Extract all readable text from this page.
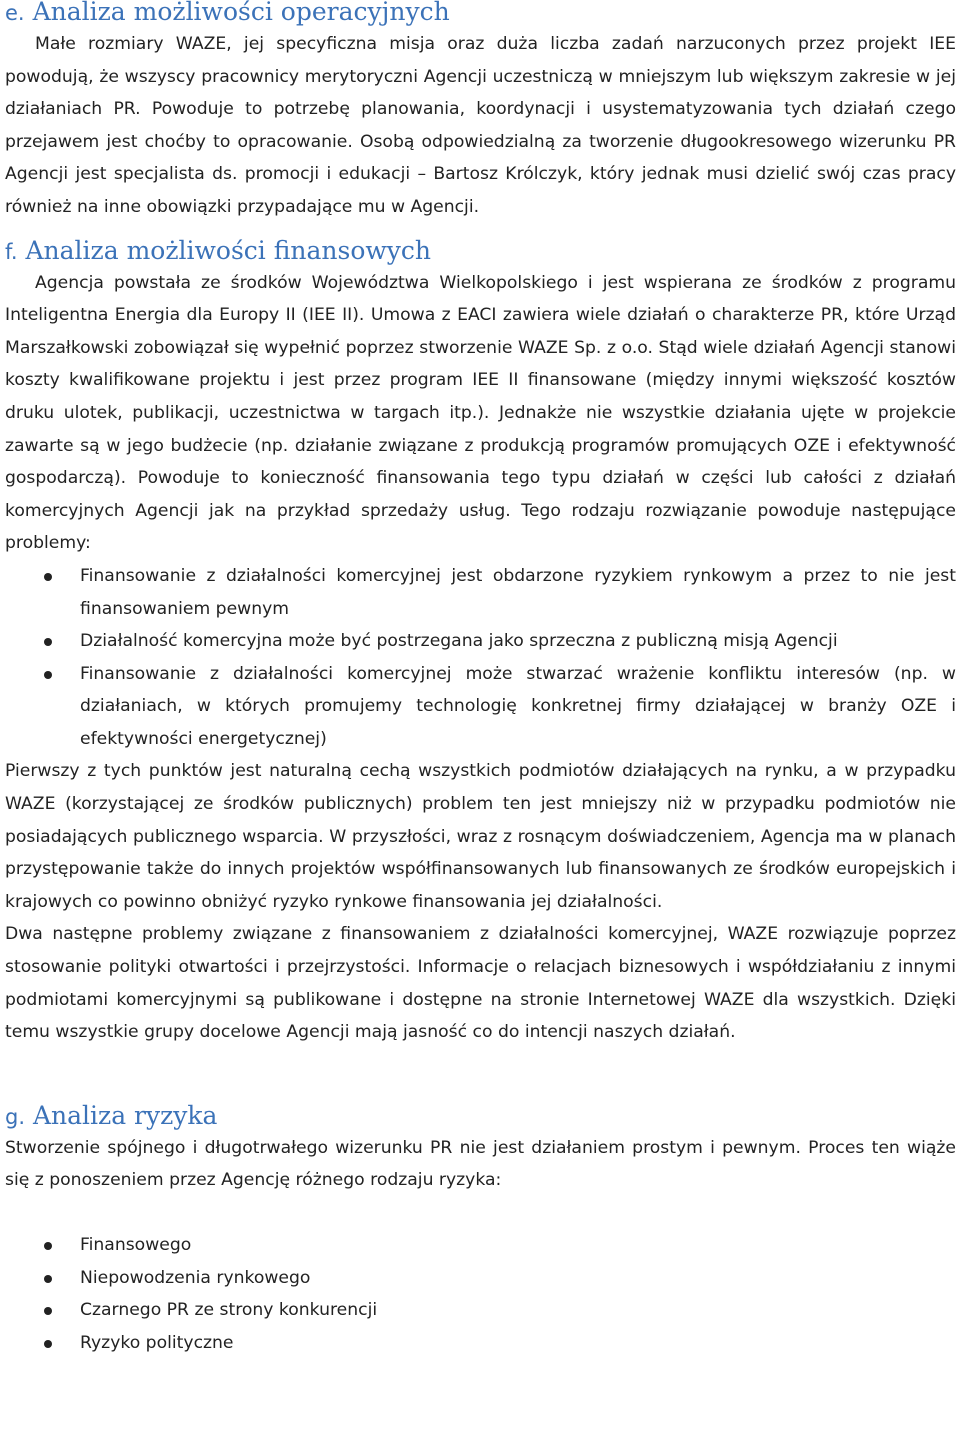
e. Analiza możliwości operacyjnych

Małe rozmiary WAZE, jej specyficzna misja oraz duża liczba zadań narzuconych przez projekt IEE powodują, że wszyscy pracownicy merytoryczni Agencji uczestniczą w mniejszym lub większym zakresie w jej działaniach PR. Powoduje to potrzebę planowania, koordynacji i usystematyzowania tych działań czego przejawem jest choćby to opracowanie. Osobą odpowiedzialną za tworzenie długookresowego wizerunku PR Agencji jest specjalista ds. promocji i edukacji – Bartosz Królczyk, który jednak musi dzielić swój czas pracy również na inne obowiązki przypadające mu w Agencji.

f. Analiza możliwości finansowych

Agencja powstała ze środków Województwa Wielkopolskiego i jest wspierana ze środków z programu Inteligentna Energia dla Europy II (IEE II). Umowa z EACI zawiera wiele działań o charakterze PR, które Urząd Marszałkowski zobowiązał się wypełnić poprzez stworzenie WAZE Sp. z o.o. Stąd wiele działań Agencji stanowi koszty kwalifikowane projektu i jest przez program IEE II finansowane (między innymi większość kosztów druku ulotek, publikacji, uczestnictwa w targach itp.). Jednakże nie wszystkie działania ujęte w projekcie zawarte są w jego budżecie (np. działanie związane z produkcją programów promujących OZE i efektywność gospodarczą). Powoduje to konieczność finansowania tego typu działań w części lub całości z działań komercyjnych Agencji jak na przykład sprzedaży usług. Tego rodzaju rozwiązanie powoduje następujące problemy:

Finansowanie z działalności komercyjnej jest obdarzone ryzykiem rynkowym a przez to nie jest finansowaniem pewnym
Działalność komercyjna może być postrzegana jako sprzeczna z publiczną misją Agencji
Finansowanie z działalności komercyjnej może stwarzać wrażenie konfliktu interesów (np. w działaniach, w których promujemy technologię konkretnej firmy działającej w branży OZE i efektywności energetycznej)

Pierwszy z tych punktów jest naturalną cechą wszystkich podmiotów działających na rynku, a w przypadku WAZE (korzystającej ze środków publicznych) problem ten jest mniejszy niż w przypadku podmiotów nie posiadających publicznego wsparcia. W przyszłości, wraz z rosnącym doświadczeniem, Agencja ma w planach przystępowanie także do innych projektów współfinansowanych lub finansowanych ze środków europejskich i krajowych co powinno obniżyć ryzyko rynkowe finansowania jej działalności.

Dwa następne problemy związane z finansowaniem z działalności komercyjnej, WAZE rozwiązuje poprzez stosowanie polityki otwartości i przejrzystości. Informacje o relacjach biznesowych i współdziałaniu z innymi podmiotami komercyjnymi są publikowane i dostępne na stronie Internetowej WAZE dla wszystkich. Dzięki temu wszystkie grupy docelowe Agencji mają jasność co do intencji naszych działań.

g. Analiza ryzyka

Stworzenie spójnego i długotrwałego wizerunku PR nie jest działaniem prostym i pewnym. Proces ten wiąże się z ponoszeniem przez Agencję różnego rodzaju ryzyka:

Finansowego
Niepowodzenia rynkowego
Czarnego PR ze strony konkurencji
Ryzyko polityczne
